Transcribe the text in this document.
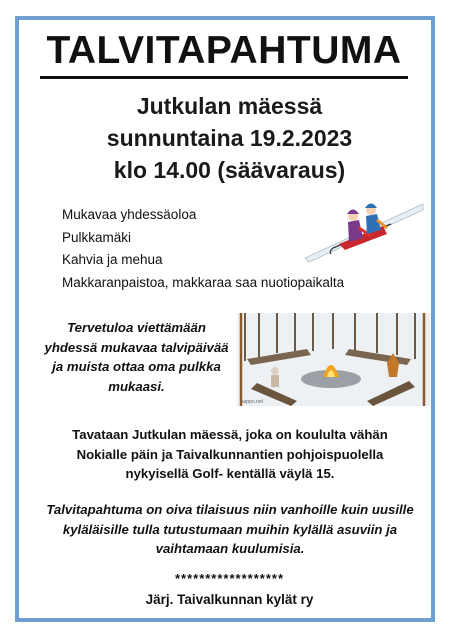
TALVITAPAHTUMA
Jutkulan mäessä
sunnuntaina 19.2.2023
klo 14.00 (säävaraus)
Mukavaa yhdessäoloa
Pulkkamäki
Kahvia ja mehua
Makkaranpaistoa, makkaraa saa nuotiopaikalta
Tervetuloa viettämään
yhdessä mukavaa talvipäivää
ja muista ottaa oma pulkka
mukaasi.
sappo.net
Tavataan Jutkulan mäessä, joka on koululta vähän
Nokialle päin ja Taivalkunnantien pohjoispuolella
nykyisellä Golf- kentällä väylä 15.
Talvitapahtuma on oiva tilaisuus niin vanhoille kuin uusille
kyläläisille tulla tutustumaan muihin kylällä asuviin ja
vaihtamaan kuulumisia.
******************
Järj. Taivalkunnan kylät ry
